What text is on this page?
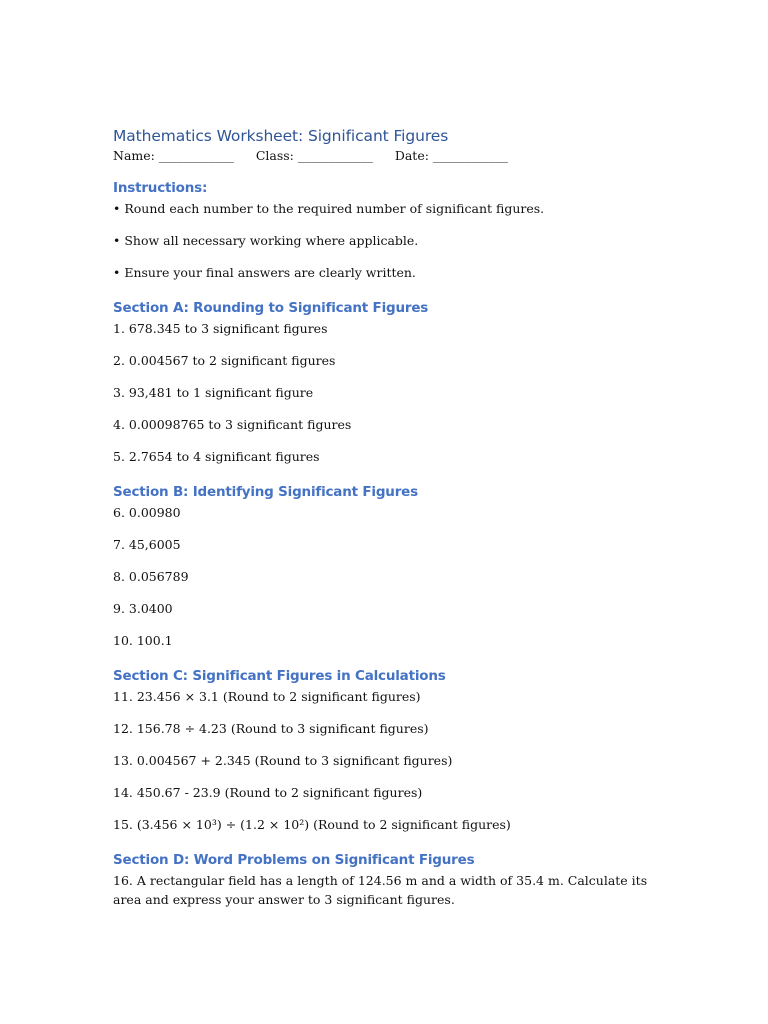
Mathematics Worksheet: Significant Figures
Name: ____________ Class: ____________ Date: ____________
Instructions:
• Round each number to the required number of significant figures.
• Show all necessary working where applicable.
• Ensure your final answers are clearly written.
Section A: Rounding to Significant Figures
1. 678.345 to 3 significant figures
2. 0.004567 to 2 significant figures
3. 93,481 to 1 significant figure
4. 0.00098765 to 3 significant figures
5. 2.7654 to 4 significant figures
Section B: Identifying Significant Figures
6. 0.00980
7. 45,6005
8. 0.056789
9. 3.0400
10. 100.1
Section C: Significant Figures in Calculations
11. 23.456 × 3.1 (Round to 2 significant figures)
12. 156.78 ÷ 4.23 (Round to 3 significant figures)
13. 0.004567 + 2.345 (Round to 3 significant figures)
14. 450.67 - 23.9 (Round to 2 significant figures)
15. (3.456 × 10³) ÷ (1.2 × 10²) (Round to 2 significant figures)
Section D: Word Problems on Significant Figures
16. A rectangular field has a length of 124.56 m and a width of 35.4 m. Calculate its area and express your answer to 3 significant figures.
